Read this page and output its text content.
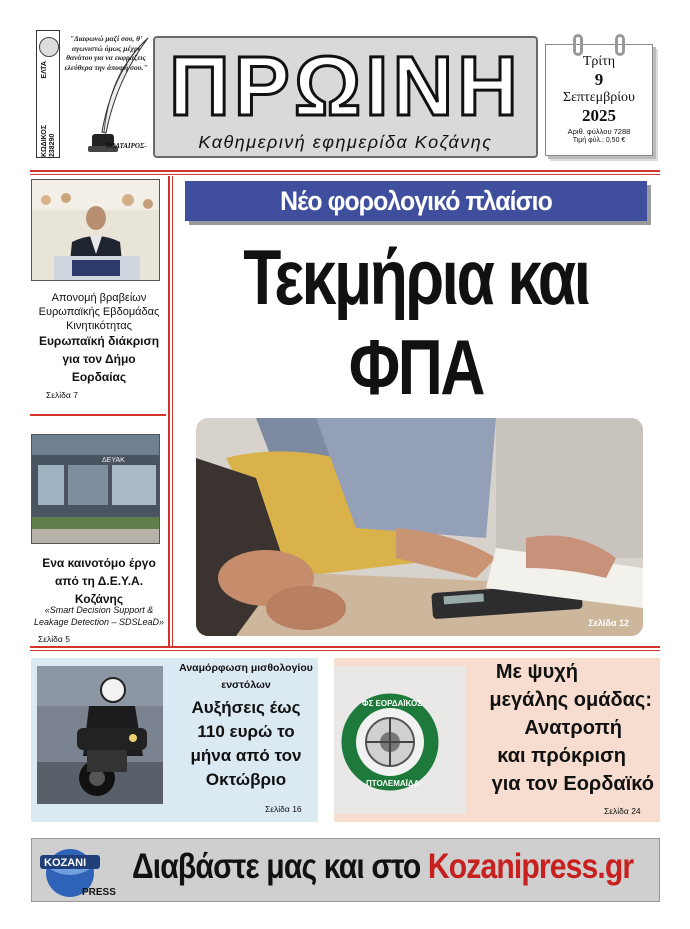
ΕΛΤΑ
ΚΩΔΙΚΟΣ 238290
"Διαφωνώ μαζί σου, θ' αγωνιστώ όμως μέχρι θανάτου για να εκφράζεις ελεύθερα την άποψή σου."
ΒΟΛΤΑΙΡΟΣ-
ΠΡΩΙΝΗ
Καθημερινή εφημερίδα Κοζάνης
Τρίτη
9
Σεπτεμβρίου
2025
Αριθ. φύλλου 7288
Τιμή φύλ.: 0,50 €
Απονομή βραβείων Ευρωπαϊκής Εβδομάδας Κινητικότητας
Ευρωπαϊκή διάκριση για τον Δήμο Εορδαίας
Σελίδα 7
ΔΕΥΑΚ
Ενα καινοτόμο έργο από τη Δ.Ε.Υ.Α. Κοζάνης
«Smart Decision Support & Leakage Detection – SDSLeaD»
Σελίδα 5
Νέο φορολογικό πλαίσιο
Τεκμήρια και
ΦΠΑ
Σελίδα 12
Αναμόρφωση μισθολογίου ενστόλων
Αυξήσεις έως 110 ευρώ το μήνα από τον Οκτώβριο
Σελίδα 16
ΦΣ ΕΟΡΔΑΪΚΟΣ
ΠΤΟΛΕΜΑΪΔΑ
Με ψυχή
μεγάλης ομάδας:
Ανατροπή
και πρόκριση
για τον Εορδαϊκό
Σελίδα 24
KOZANI
PRESS
Διαβάστε μας και στο Kozanipress.gr
